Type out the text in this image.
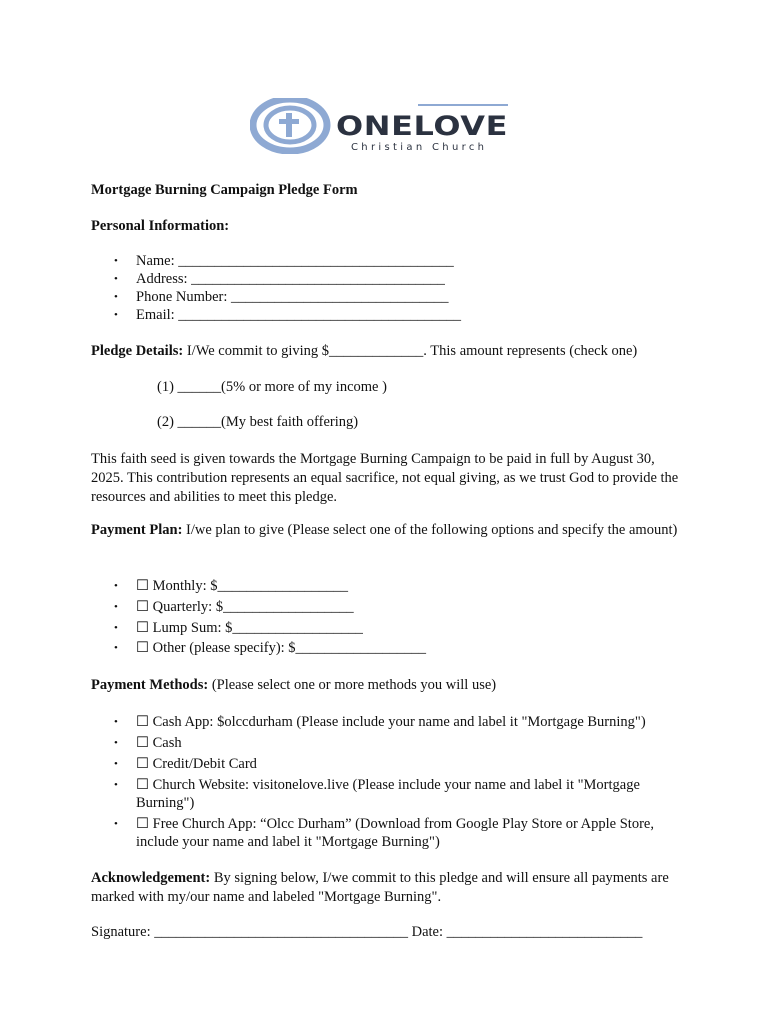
ONELOVE
Christian Church
Mortgage Burning Campaign Pledge Form
Personal Information:
• Name: ______________________________________
• Address: ___________________________________
• Phone Number: ______________________________
• Email: _______________________________________
Pledge Details: I/We commit to giving $_____________. This amount represents (check one)
(1) ______(5% or more of my income )
(2) ______(My best faith offering)
This faith seed is given towards the Mortgage Burning Campaign to be paid in full by August 30, 2025. This contribution represents an equal sacrifice, not equal giving, as we trust God to provide the resources and abilities to meet this pledge.
Payment Plan: I/we plan to give (Please select one of the following options and specify the amount)
• ☐ Monthly: $__________________
• ☐ Quarterly: $__________________
• ☐ Lump Sum: $__________________
• ☐ Other (please specify): $__________________
Payment Methods: (Please select one or more methods you will use)
• ☐ Cash App: $olccdurham (Please include your name and label it "Mortgage Burning")
• ☐ Cash
• ☐ Credit/Debit Card
• ☐ Church Website: visitonelove.live (Please include your name and label it "Mortgage
Burning")
• ☐ Free Church App: “Olcc Durham” (Download from Google Play Store or Apple Store,
include your name and label it "Mortgage Burning")
Acknowledgement: By signing below, I/we commit to this pledge and will ensure all payments are marked with my/our name and labeled "Mortgage Burning".
Signature: ___________________________________ Date: ___________________________
